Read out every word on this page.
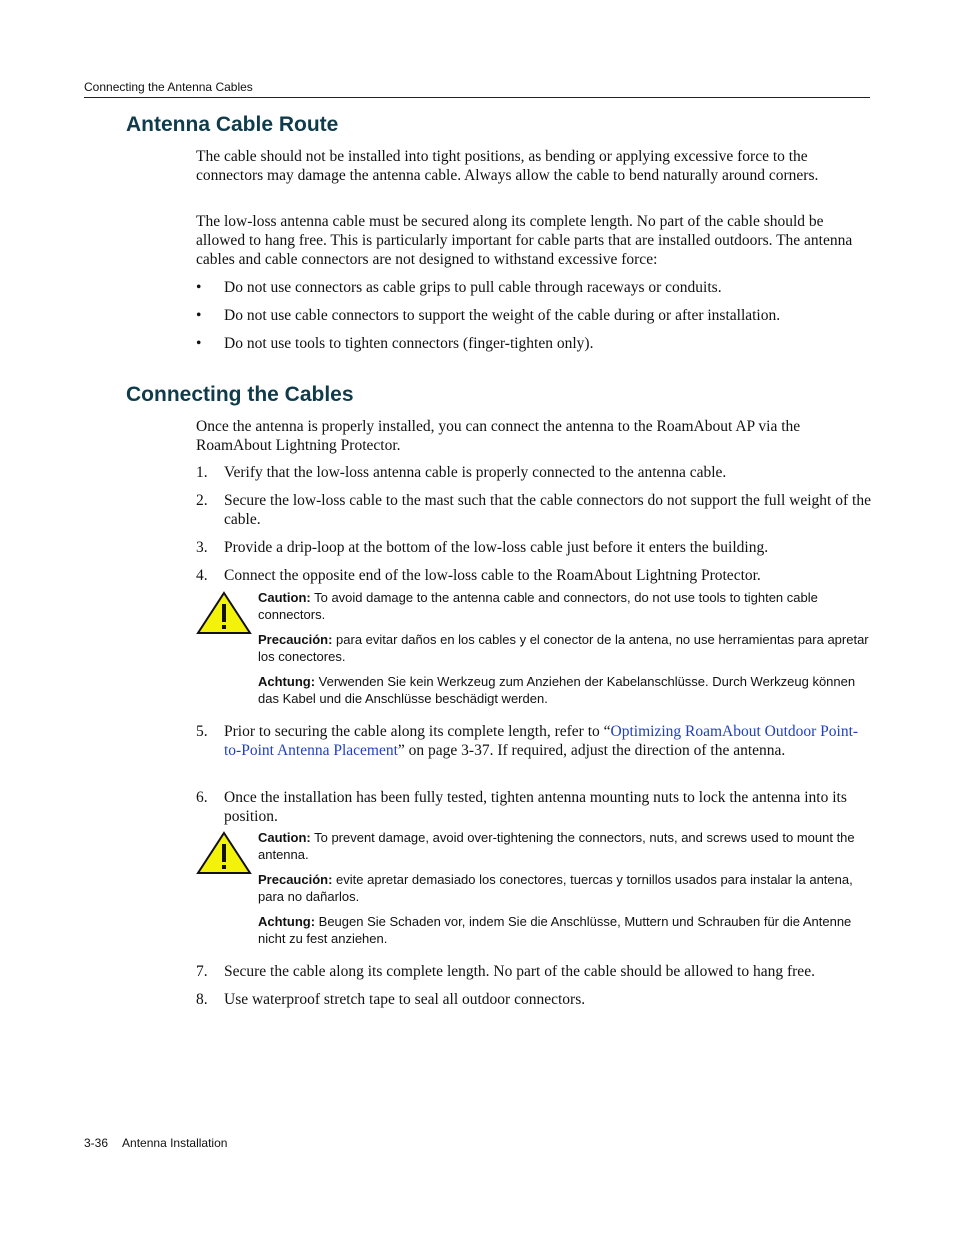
Connecting the Antenna Cables
Antenna Cable Route

The cable should not be installed into tight positions, as bending or applying excessive force to the connectors may damage the antenna cable. Always allow the cable to bend naturally around corners.

The low-loss antenna cable must be secured along its complete length. No part of the cable should be allowed to hang free. This is particularly important for cable parts that are installed outdoors. The antenna cables and cable connectors are not designed to withstand excessive force:

•	Do not use connectors as cable grips to pull cable through raceways or conduits.
•	Do not use cable connectors to support the weight of the cable during or after installation.
•	Do not use tools to tighten connectors (finger-tighten only).
Connecting the Cables

Once the antenna is properly installed, you can connect the antenna to the RoamAbout AP via the RoamAbout Lightning Protector.

1.	Verify that the low-loss antenna cable is properly connected to the antenna cable.
2.	Secure the low-loss cable to the mast such that the cable connectors do not support the full weight of the cable.
3.	Provide a drip-loop at the bottom of the low-loss cable just before it enters the building.
4.	Connect the opposite end of the low-loss cable to the RoamAbout Lightning Protector.

Caution: To avoid damage to the antenna cable and connectors, do not use tools to tighten cable connectors.

Precaución: para evitar daños en los cables y el conector de la antena, no use herramientas para apretar los conectores.

Achtung: Verwenden Sie kein Werkzeug zum Anziehen der Kabelanschlüsse. Durch Werkzeug können das Kabel und die Anschlüsse beschädigt werden.

5.	Prior to securing the cable along its complete length, refer to “Optimizing RoamAbout Outdoor Point-to-Point Antenna Placement” on page 3-37. If required, adjust the direction of the antenna.
6.	Once the installation has been fully tested, tighten antenna mounting nuts to lock the antenna into its position.

Caution: To prevent damage, avoid over-tightening the connectors, nuts, and screws used to mount the antenna.

Precaución: evite apretar demasiado los conectores, tuercas y tornillos usados para instalar la antena, para no dañarlos.

Achtung: Beugen Sie Schaden vor, indem Sie die Anschlüsse, Muttern und Schrauben für die Antenne nicht zu fest anziehen.

7.	Secure the cable along its complete length. No part of the cable should be allowed to hang free.
8.	Use waterproof stretch tape to seal all outdoor connectors.
3-36 Antenna Installation
